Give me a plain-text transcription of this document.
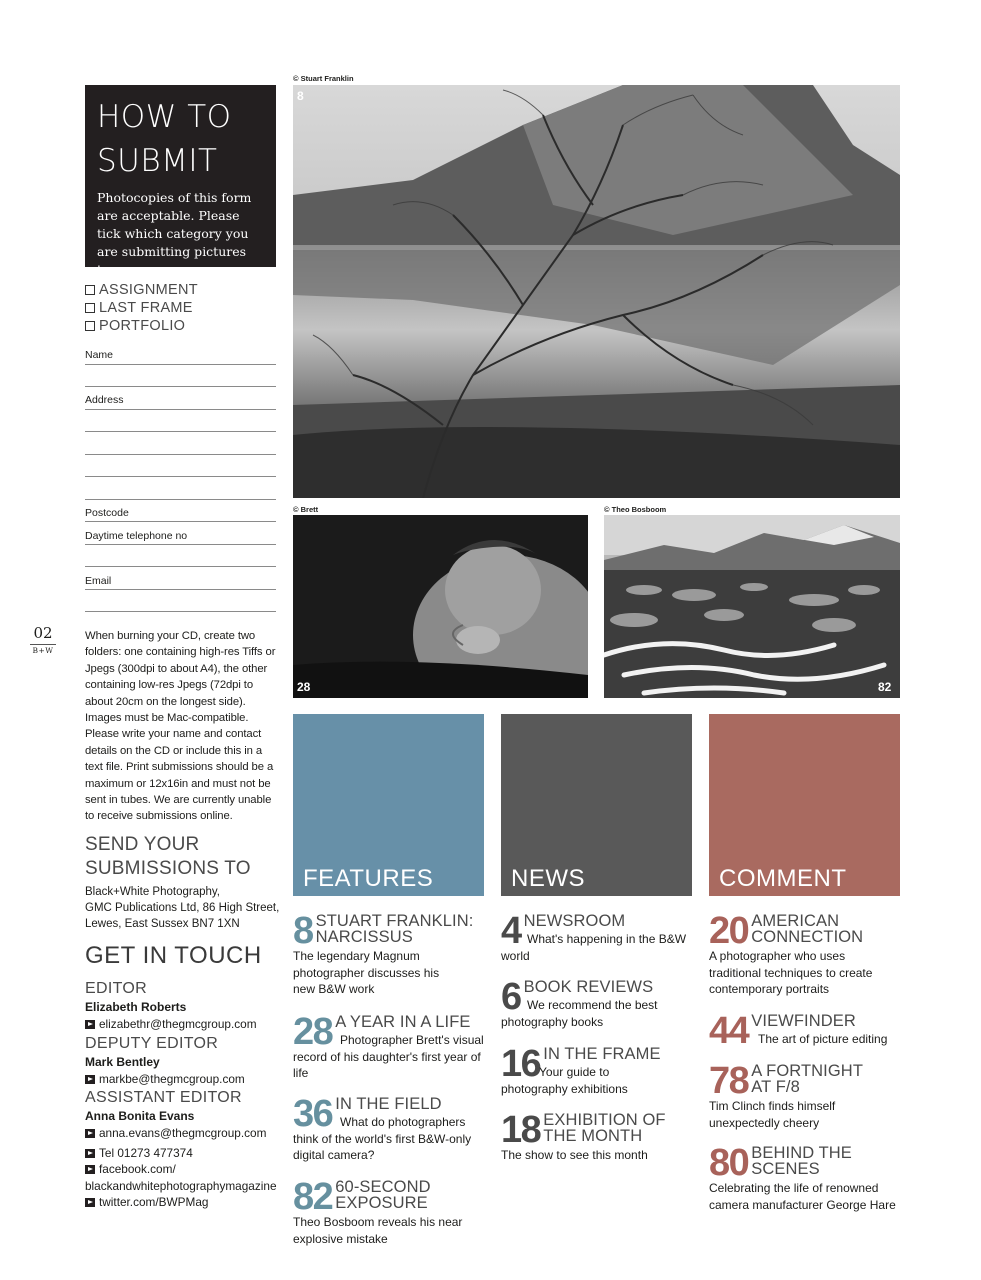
HOW TO
SUBMIT
Photocopies of this form are acceptable. Please tick which category you are submitting pictures to:
ASSIGNMENT
LAST FRAME
PORTFOLIO
Name
Address
Postcode
Daytime telephone no
Email
02
B+W
When burning your CD, create two folders: one containing high-res Tiffs or Jpegs (300dpi to about A4), the other containing low-res Jpegs (72dpi to about 20cm on the longest side). Images must be Mac-compatible. Please write your name and contact details on the CD or include this in a text file. Print submissions should be a maximum or 12x16in and must not be sent in tubes. We are currently unable to receive submissions online.
SEND YOUR
SUBMISSIONS TO
Black+White Photography,
GMC Publications Ltd, 86 High Street,
Lewes, East Sussex BN7 1XN
GET IN TOUCH
EDITOR
Elizabeth Roberts
elizabethr@thegmcgroup.com
DEPUTY EDITOR
Mark Bentley
markbe@thegmcgroup.com
ASSISTANT EDITOR
Anna Bonita Evans
anna.evans@thegmcgroup.com
Tel 01273 477374
facebook.com/
blackandwhitephotographymagazine
twitter.com/BWPMag
© Stuart Franklin
8
© Brett
28
© Theo Bosboom
82
FEATURES	NEWS	COMMENT
8 STUART FRANKLIN: NARCISSUS
The legendary Magnum photographer discusses his new B&W work
28 A YEAR IN A LIFE
Photographer Brett's visual record of his daughter's first year of life
36 IN THE FIELD
What do photographers think of the world's first B&W-only digital camera?
82 60-SECOND EXPOSURE
Theo Bosboom reveals his near explosive mistake
4 NEWSROOM
What's happening in the B&W world
6 BOOK REVIEWS
We recommend the best photography books
16 IN THE FRAME
Your guide to photography exhibitions
18 EXHIBITION OF THE MONTH
The show to see this month
20 AMERICAN CONNECTION
A photographer who uses traditional techniques to create contemporary portraits
44 VIEWFINDER
The art of picture editing
78 A FORTNIGHT AT F/8
Tim Clinch finds himself unexpectedly cheery
80 BEHIND THE SCENES
Celebrating the life of renowned camera manufacturer George Hare
